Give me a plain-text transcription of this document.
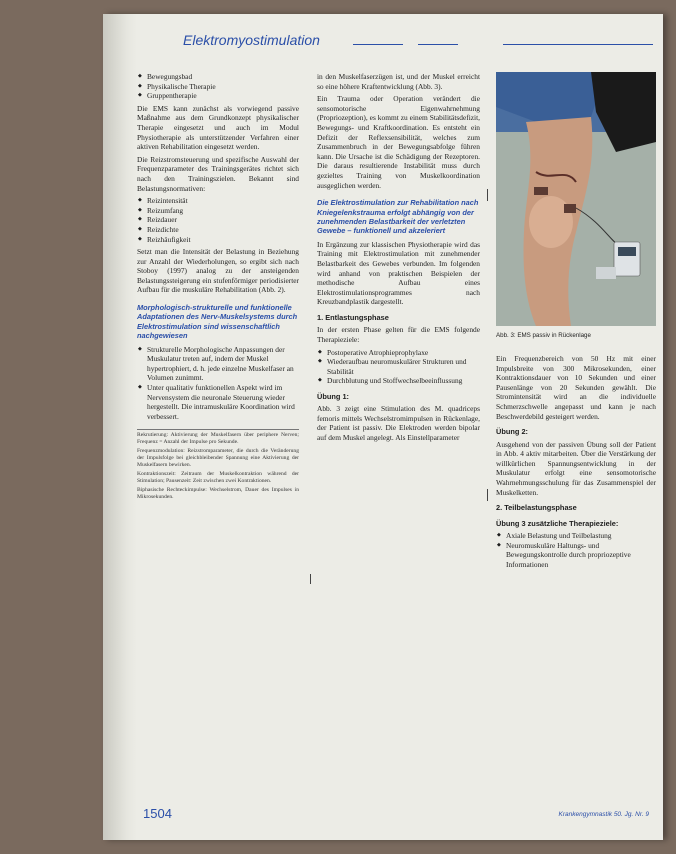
Elektromyostimulation
◆ Bewegungsbad
◆ Physikalische Therapie
◆ Gruppentherapie

Die EMS kann zunächst als vorwiegend passive Maßnahme aus dem Grundkonzept physikalischer Therapie eingesetzt und auch im Modul Physiotherapie als unterstützender Verfahren einer aktiven Rehabilitation eingesetzt werden.

Die Reizstromsteuerung und spezifische Auswahl der Frequenzparameter des Trainingsgerätes richtet sich nach den Trainingszielen. Bekannt sind Belastungsnormativen:

◆ Reizintensität
◆ Reizumfang
◆ Reizdauer
◆ Reizdichte
◆ Reizhäufigkeit

Setzt man die Intensität der Belastung in Beziehung zur Anzahl der Wiederholungen, so ergibt sich nach Stoboy (1997) analog zu der ansteigenden Belastungssteigerung ein stufenförmiger periodisierter Aufbau für die muskuläre Rehabilitation (Abb. 2).

Morphologisch-strukturelle und funktionelle Adaptationen des Nerv-Muskelsystems durch Elektrostimulation sind wissenschaftlich nachgewiesen
◆ Strukturelle Morphologische Anpassungen der Muskulatur treten auf, indem der Muskel hypertrophiert, d. h. jede einzelne Muskelfaser an Volumen zunimmt.
◆ Unter qualitativ funktionellen Aspekt wird im Nervensystem die neuronale Steuerung wieder hergestellt. Die intramuskuläre Koordination wird verbessert.

Rekrutierung: Aktivierung der Muskelfasern über periphere Nerven; Frequenz = Anzahl der Impulse pro Sekunde.

Frequenzmodulation: Reizstromparameter, die durch die Veränderung der Impulsfolge bei gleichbleibender Spannung eine Aktivierung der Muskelfasern bewirken.

Kontraktionszeit: Zeitraum der Muskelkontraktion während der Stimulation; Pausenzeit: Zeit zwischen zwei Kontraktionen.

Biphasische Rechteckimpulse: Wechselstrom, Dauer des Impulses in Mikrosekunden.

in den Muskelfaserzügen ist, und der Muskel erreicht so eine höhere Kraftentwicklung (Abb. 3).

Ein Trauma oder Operation verändert die sensomotorische Eigenwahrnehmung (Propriozeption), es kommt zu einem Stabilitätsdefizit, Bewegungs- und Kraftkoordination. Es entsteht ein Defizit der Reflexsensibilität, welches zum Zusammenbruch in der Bewegungsabfolge führen kann. Die Ursache ist die Schädigung der Rezeptoren. Die daraus resultierende Instabilität muss durch gezieltes Training von Muskelkoordination ausgeglichen werden.

Die Elektrostimulation zur Rehabilitation nach Kniegelenkstrauma erfolgt abhängig von der zunehmenden Belastbarkeit der verletzten Gewebe – funktionell und akzeleriert

In Ergänzung zur klassischen Physiotherapie wird das Training mit Elektrostimulation mit zunehmender Belastbarkeit des Gewebes verbunden. Im folgenden wird anhand von praktischen Beispielen der methodische Aufbau eines Elektrostimulationsprogrammes nach Kreuzbandplastik dargestellt.

1. Entlastungsphase

In der ersten Phase gelten für die EMS folgende Therapieziele:

◆ Postoperative Atrophieprophylaxe
◆ Wiederaufbau neuromuskulärer Strukturen und Stabilität
◆ Durchblutung und Stoffwechselbeeinflussung
Übung 1:

Abb. 3 zeigt eine Stimulation des M. quadriceps femoris mittels Wechselstromimpulsen in Rückenlage, der Patient ist passiv. Die Elektroden werden bipolar auf dem Muskel angelegt. Als Einstellparameter

Abb. 3: EMS passiv in Rückenlage

Ein Frequenzbereich von 50 Hz mit einer Impulsbreite von 300 Mikrosekunden, einer Kontraktionsdauer von 10 Sekunden und einer Pausenlänge von 20 Sekunden gewählt. Die Stromintensität wird an die individuelle Schmerzschwelle angepasst und kann je nach Beschwerdebild gesteigert werden.

Übung 2:

Ausgehend von der passiven Übung soll der Patient in Abb. 4 aktiv mitarbeiten. Über die Verstärkung der willkürlichen Spannungsentwicklung in der Muskulatur erfolgt eine sensomotorische Wahrnehmungsschulung für das Zusammenspiel der Muskelketten.

2. Teilbelastungsphase
Übung 3 zusätzliche Therapieziele:
◆ Axiale Belastung und Teilbelastung
◆ Neuromuskuläre Haltungs- und Bewegungskontrolle durch propriozeptive Informationen
1504	Krankengymnastik 50. Jg. Nr. 9
